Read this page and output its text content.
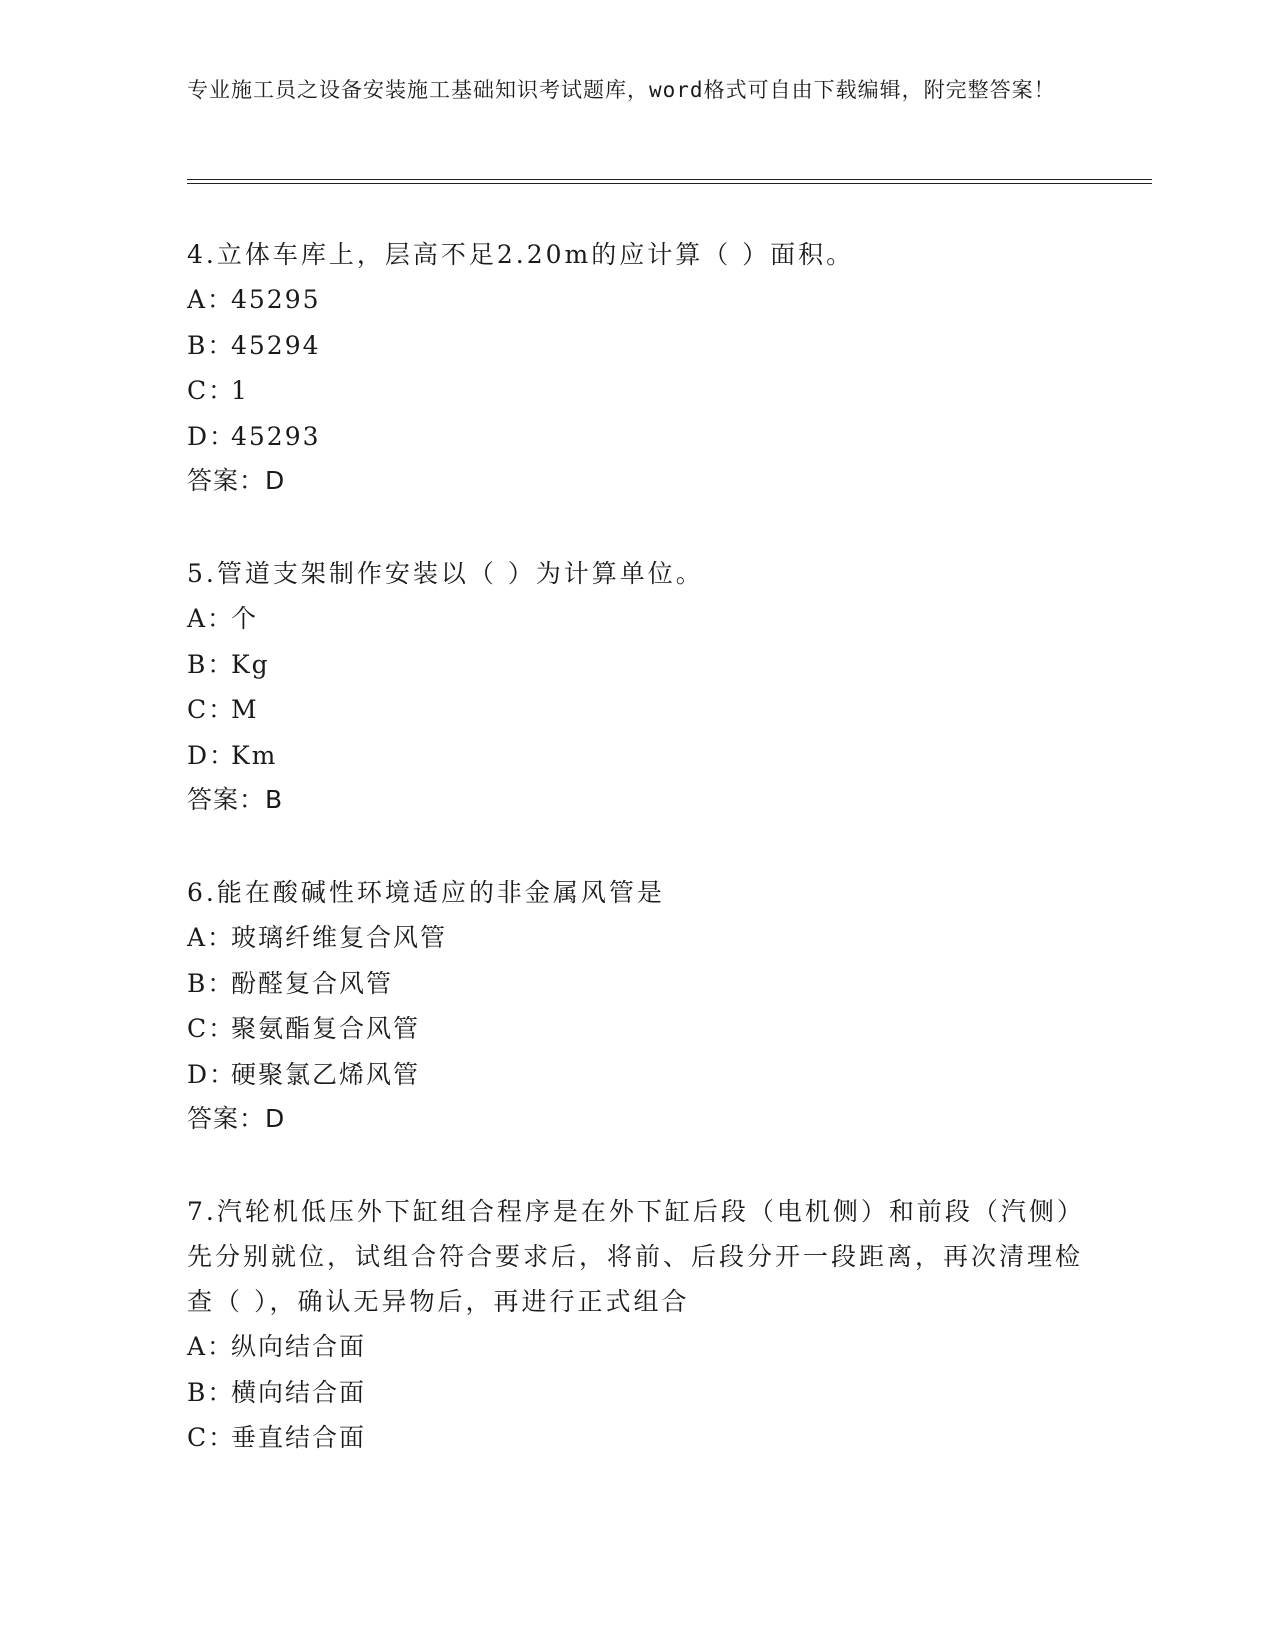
专业施工员之设备安装施工基础知识考试题库，word格式可自由下载编辑，附完整答案！

4.立体车库上，层高不足2.20m的应计算（ ）面积。

A：45295
B：45294
C：1
D：45293
答案：D

5.管道支架制作安装以（ ）为计算单位。

A：个
B：Kg
C：M
D：Km
答案：B

6.能在酸碱性环境适应的非金属风管是

A：玻璃纤维复合风管
B：酚醛复合风管
C：聚氨酯复合风管
D：硬聚氯乙烯风管
答案：D

7.汽轮机低压外下缸组合程序是在外下缸后段（电机侧）和前段（汽侧）先分别就位，试组合符合要求后，将前、后段分开一段距离，再次清理检查（ ），确认无异物后，再进行正式组合

A：纵向结合面
B：横向结合面
C：垂直结合面
